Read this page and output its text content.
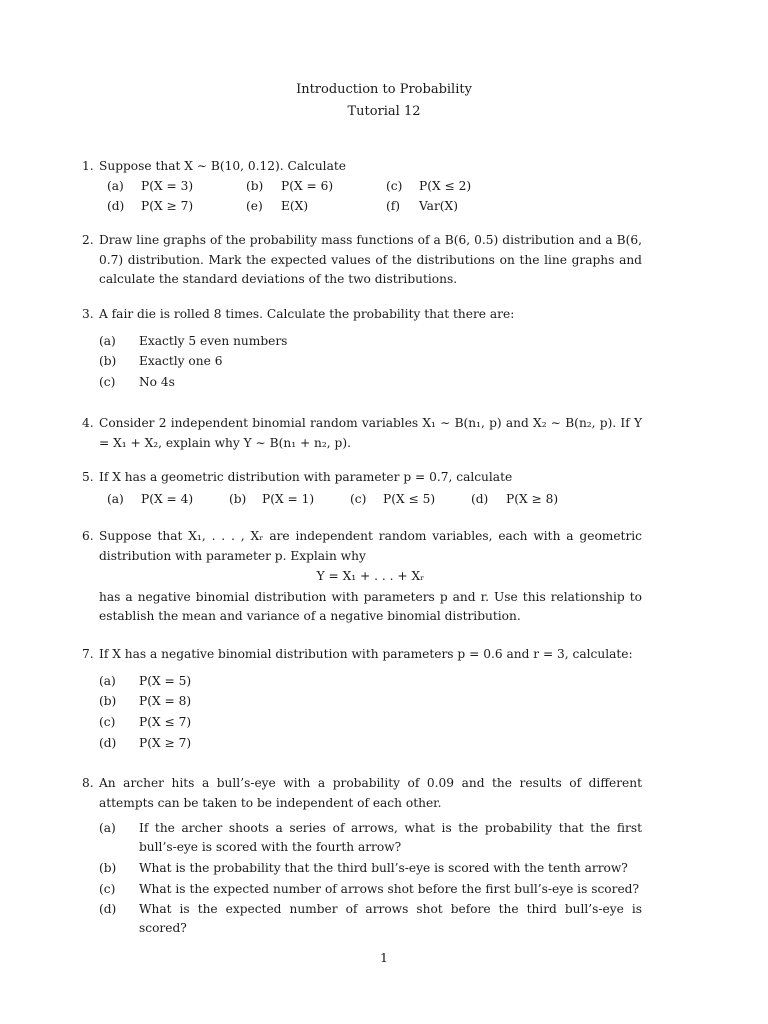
Introduction to Probability
Tutorial 12
1. Suppose that X ∼ B(10, 0.12). Calculate
(a) P(X = 3)	(b) P(X = 6)	(c) P(X ≤ 2)
(d) P(X ≥ 7)	(e) E(X)	(f) Var(X)
2. Draw line graphs of the probability mass functions of a B(6, 0.5) distribution and a B(6, 0.7) distribution. Mark the expected values of the distributions on the line graphs and calculate the standard deviations of the two distributions.
3. A fair die is rolled 8 times. Calculate the probability that there are:
(a) Exactly 5 even numbers
(b) Exactly one 6
(c) No 4s
4. Consider 2 independent binomial random variables X₁ ∼ B(n₁, p) and X₂ ∼ B(n₂, p). If Y = X₁ + X₂, explain why Y ∼ B(n₁ + n₂, p).
5. If X has a geometric distribution with parameter p = 0.7, calculate
(a) P(X = 4)	(b) P(X = 1)	(c) P(X ≤ 5)	(d) P(X ≥ 8)
6. Suppose that X₁, . . . , Xᵣ are independent random variables, each with a geometric distribution with parameter p. Explain why
Y = X₁ + . . . + Xᵣ
has a negative binomial distribution with parameters p and r. Use this relationship to establish the mean and variance of a negative binomial distribution.
7. If X has a negative binomial distribution with parameters p = 0.6 and r = 3, calculate:
(a) P(X = 5)
(b) P(X = 8)
(c) P(X ≤ 7)
(d) P(X ≥ 7)
8. An archer hits a bull’s-eye with a probability of 0.09 and the results of different attempts can be taken to be independent of each other.
(a) If the archer shoots a series of arrows, what is the probability that the first bull’s-eye is scored with the fourth arrow?
(b) What is the probability that the third bull’s-eye is scored with the tenth arrow?
(c) What is the expected number of arrows shot before the first bull’s-eye is scored?
(d) What is the expected number of arrows shot before the third bull’s-eye is scored?
1
